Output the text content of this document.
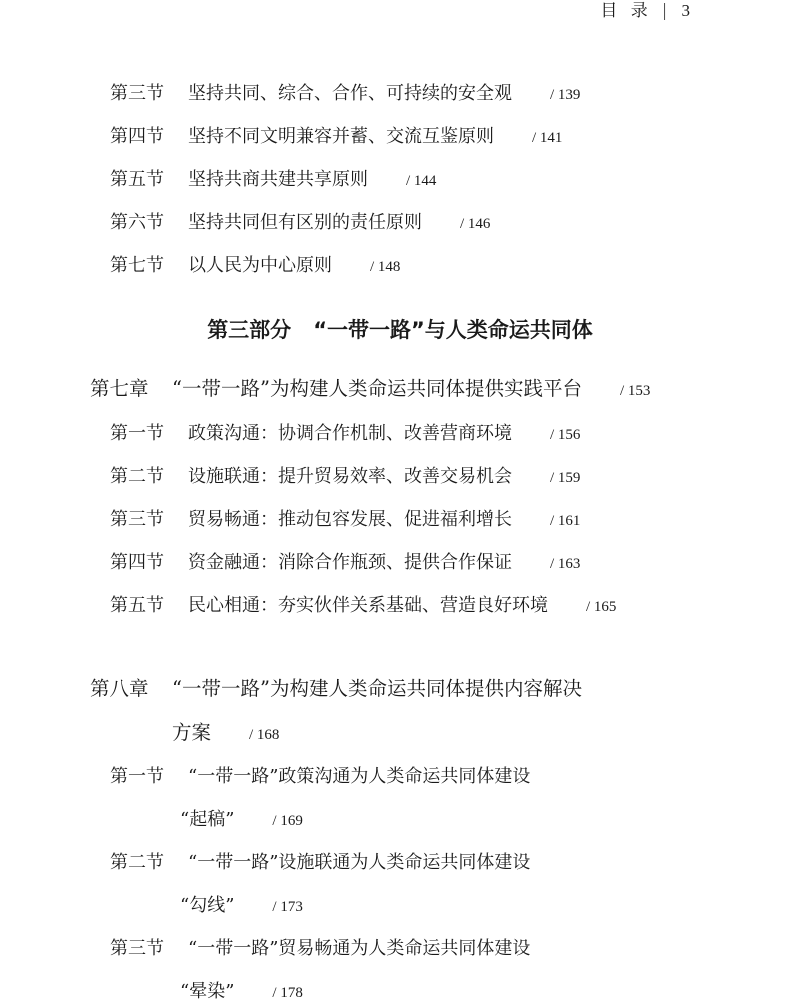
目 录 | 3
第三节 坚持共同、综合、合作、可持续的安全观	/ 139
第四节 坚持不同文明兼容并蓄、交流互鉴原则	/ 141
第五节 坚持共商共建共享原则	/ 144
第六节 坚持共同但有区别的责任原则	/ 146
第七节 以人民为中心原则	/ 148
第三部分 “一带一路”与人类命运共同体
第七章 “一带一路”为构建人类命运共同体提供实践平台	/ 153
第一节 政策沟通：协调合作机制、改善营商环境	/ 156
第二节 设施联通：提升贸易效率、改善交易机会	/ 159
第三节 贸易畅通：推动包容发展、促进福利增长	/ 161
第四节 资金融通：消除合作瓶颈、提供合作保证	/ 163
第五节 民心相通：夯实伙伴关系基础、营造良好环境	/ 165
第八章 “一带一路”为构建人类命运共同体提供内容解决
方案	/ 168
第一节 “一带一路”政策沟通为人类命运共同体建设
“起稿”	/ 169
第二节 “一带一路”设施联通为人类命运共同体建设
“勾线”	/ 173
第三节 “一带一路”贸易畅通为人类命运共同体建设
“晕染”	/ 178
